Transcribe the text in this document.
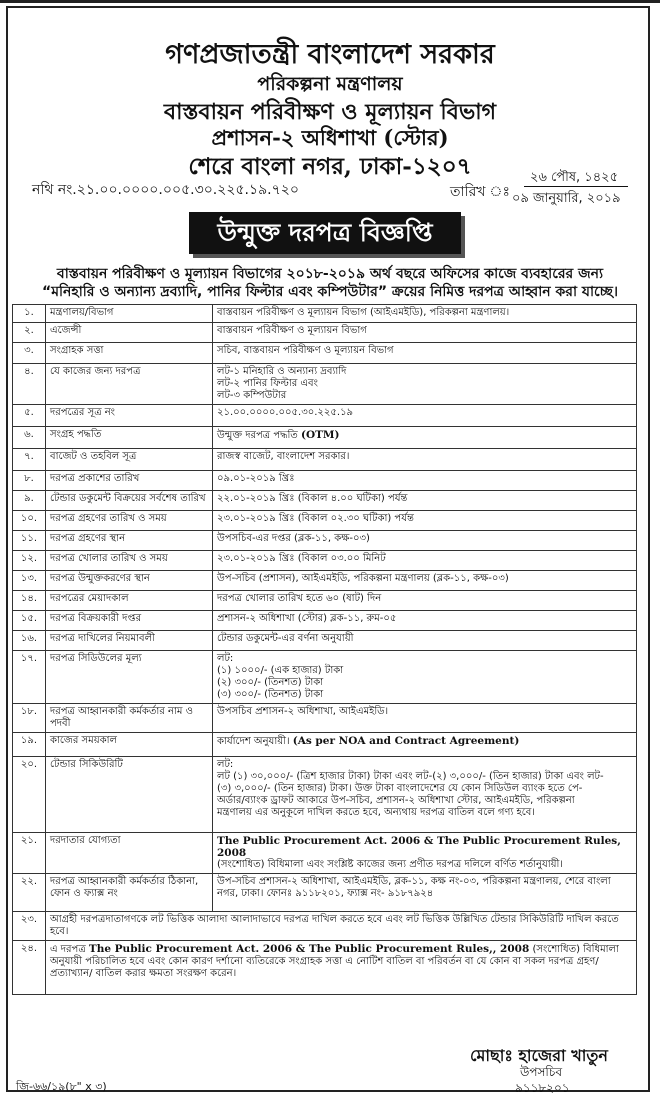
গণপ্রজাতন্ত্রী বাংলাদেশ সরকার
পরিকল্পনা মন্ত্রণালয়
বাস্তবায়ন পরিবীক্ষণ ও মূল্যায়ন বিভাগ
প্রশাসন-২ অধিশাখা (স্টোর)
শেরে বাংলা নগর, ঢাকা-১২০৭
নথি নং.২১.০০.০০০০.০০৫.৩০.২২৫.১৯.৭২০	তারিখ ঃ
২৬ পৌষ, ১৪২৫
০৯ জানুয়ারি, ২০১৯
উন্মুক্ত দরপত্র বিজ্ঞপ্তি
বাস্তবায়ন পরিবীক্ষণ ও মূল্যায়ন বিভাগের ২০১৮-২০১৯ অর্থ বছরে অফিসের কাজে ব্যবহারের জন্য
“মনিহারি ও অন্যান্য দ্রব্যাদি, পানির ফিল্টার এবং কম্পিউটার” ক্রয়ের নিমিত্ত দরপত্র আহ্বান করা যাচ্ছে।
১.	মন্ত্রণালয়/বিভাগ	বাস্তবায়ন পরিবীক্ষণ ও মূল্যায়ন বিভাগ (আইএমইডি), পরিকল্পনা মন্ত্রণালয়।
২.	এজেন্সী	বাস্তবায়ন পরিবীক্ষণ ও মূল্যায়ন বিভাগ
৩.	সংগ্রাহক সত্তা	সচিব, বাস্তবায়ন পরিবীক্ষণ ও মূল্যায়ন বিভাগ
৪.	যে কাজের জন্য দরপত্র	লট-১ মনিহারি ও অন্যান্য দ্রব্যাদি
লট-২ পানির ফিল্টার এবং
লট-৩ কম্পিউটার

৫.	দরপত্রের সূত্র নং	২১.০০.০০০০.০০৫.৩০.২২৫.১৯
৬.	সংগ্রহ পদ্ধতি	উন্মুক্ত দরপত্র পদ্ধতি (OTM)
৭.	বাজেট ও তহবিল সূত্র	রাজস্ব বাজেট, বাংলাদেশ সরকার।
৮.	দরপত্র প্রকাশের তারিখ	০৯.০১-২০১৯ খ্রিঃ
৯.	টেন্ডার ডকুমেন্ট বিক্রয়ের সর্বশেষ তারিখ	২২.০১-২০১৯ খ্রিঃ (বিকাল ৪.০০ ঘটিকা) পর্যন্ত
১০.	দরপত্র গ্রহণের তারিখ ও সময়	২৩.০১-২০১৯ খ্রিঃ (বিকাল ০২.৩০ ঘটিকা) পর্যন্ত
১১.	দরপত্র গ্রহণের স্থান	উপসচিব-এর দপ্তর (ব্লক-১১, কক্ষ-০৩)
১২.	দরপত্র খোলার তারিখ ও সময়	২৩.০১-২০১৯ খ্রিঃ (বিকাল ০৩.০০ মিনিট
১৩.	দরপত্র উন্মুক্তকরণের স্থান	উপ-সচিব (প্রশাসন), আইএমইডি, পরিকল্পনা মন্ত্রণালয় (ব্লক-১১, কক্ষ-০৩)
১৪.	দরপত্রের মেয়াদকাল	দরপত্র খোলার তারিখ হতে ৬০ (ষাট) দিন
১৫.	দরপত্র বিক্রয়কারী দপ্তর	প্রশাসন-২ অধিশাখা (স্টোর) ব্লক-১১, রুম-০৫
১৬.	দরপত্র দাখিলের নিয়মাবলী	টেন্ডার ডকুমেন্ট-এর বর্ণনা অনুযায়ী
১৭.	দরপত্র সিডিউলের মূল্য	লট:
(১) ১০০০/- (এক হাজার) টাকা
(২) ৩০০/- (তিনশত) টাকা
(৩) ৩০০/- (তিনশত) টাকা

১৮.	দরপত্র আহ্বানকারী কর্মকর্তার নাম ও পদবী	উপসচিব প্রশাসন-২ অধিশাখা, আইএমইডি।
১৯.	কাজের সময়কাল	কার্যাদেশ অনুযায়ী। (As per NOA and Contract Agreement)
২০.	টেন্ডার সিকিউরিটি	লট:
লট (১) ৩০,০০০/- (ত্রিশ হাজার টাকা) টাকা এবং লট-(২) ৩,০০০/- (তিন হাজার) টাকা এবং লট-
(৩) ৩,০০০/- (তিন হাজার) টাকা। উক্ত টাকা বাংলাদেশের যে কোন সিডিউল ব্যাংক হতে পে-
অর্ডার/ব্যাংক ড্রাফট আকারে উপ-সচিব, প্রশাসন-২ অধিশাখা স্টোর, আইএমইডি, পরিকল্পনা
মন্ত্রণালয় এর অনুকূলে দাখিল করতে হবে, অন্যথায় দরপত্র বাতিল বলে গণ্য হবে।

২১.	দরদাতার যোগ্যতা	The Public Procurement Act. 2006 & The Public Procurement Rules, 2008
(সংশোধিত) বিধিমালা এবং সংশ্লিষ্ট কাজের জন্য প্রণীত দরপত্র দলিলে বর্ণিত শর্তানুযায়ী।
২২.	দরপত্র আহ্বানকারী কর্মকর্তার ঠিকানা, ফোন ও ফ্যাক্স নং	উপ-সচিব প্রশাসন-২ অধিশাখা, আইএমইডি, ব্লক-১১, কক্ষ নং-০৩, পরিকল্পনা মন্ত্রণালয়, শেরে বাংলা নগর, ঢাকা। ফোনঃ ৯১১৮২০১, ফ্যাক্স নং- ৯১৮৭৯২৪
২৩.	আগ্রহী দরপত্রদাতাগণকে লট ভিত্তিক আলাদা আলাদাভাবে দরপত্র দাখিল করতে হবে এবং লট ভিত্তিক উল্লিখিত টেন্ডার সিকিউরিটি দাখিল করতে হবে।	
২৪.	এ দরপত্র The Public Procurement Act. 2006 & The Public Procurement Rules,, 2008 (সংশোধিত) বিধিমালা অনুযায়ী পরিচালিত হবে এবং কোন কারণ দর্শানো ব্যতিরেকে সংগ্রাহক সত্তা এ নোটিশ বাতিল বা পরিবর্তন বা যে কোন বা সকল দরপত্র গ্রহণ/প্রত্যাখ্যান/ বাতিল করার ক্ষমতা সংরক্ষণ করেন।	
মোছাঃ হাজেরা খাতুন
উপসচিব
৯১১৮২০১
জি-৬৬/১৯(৮" x ৩)
